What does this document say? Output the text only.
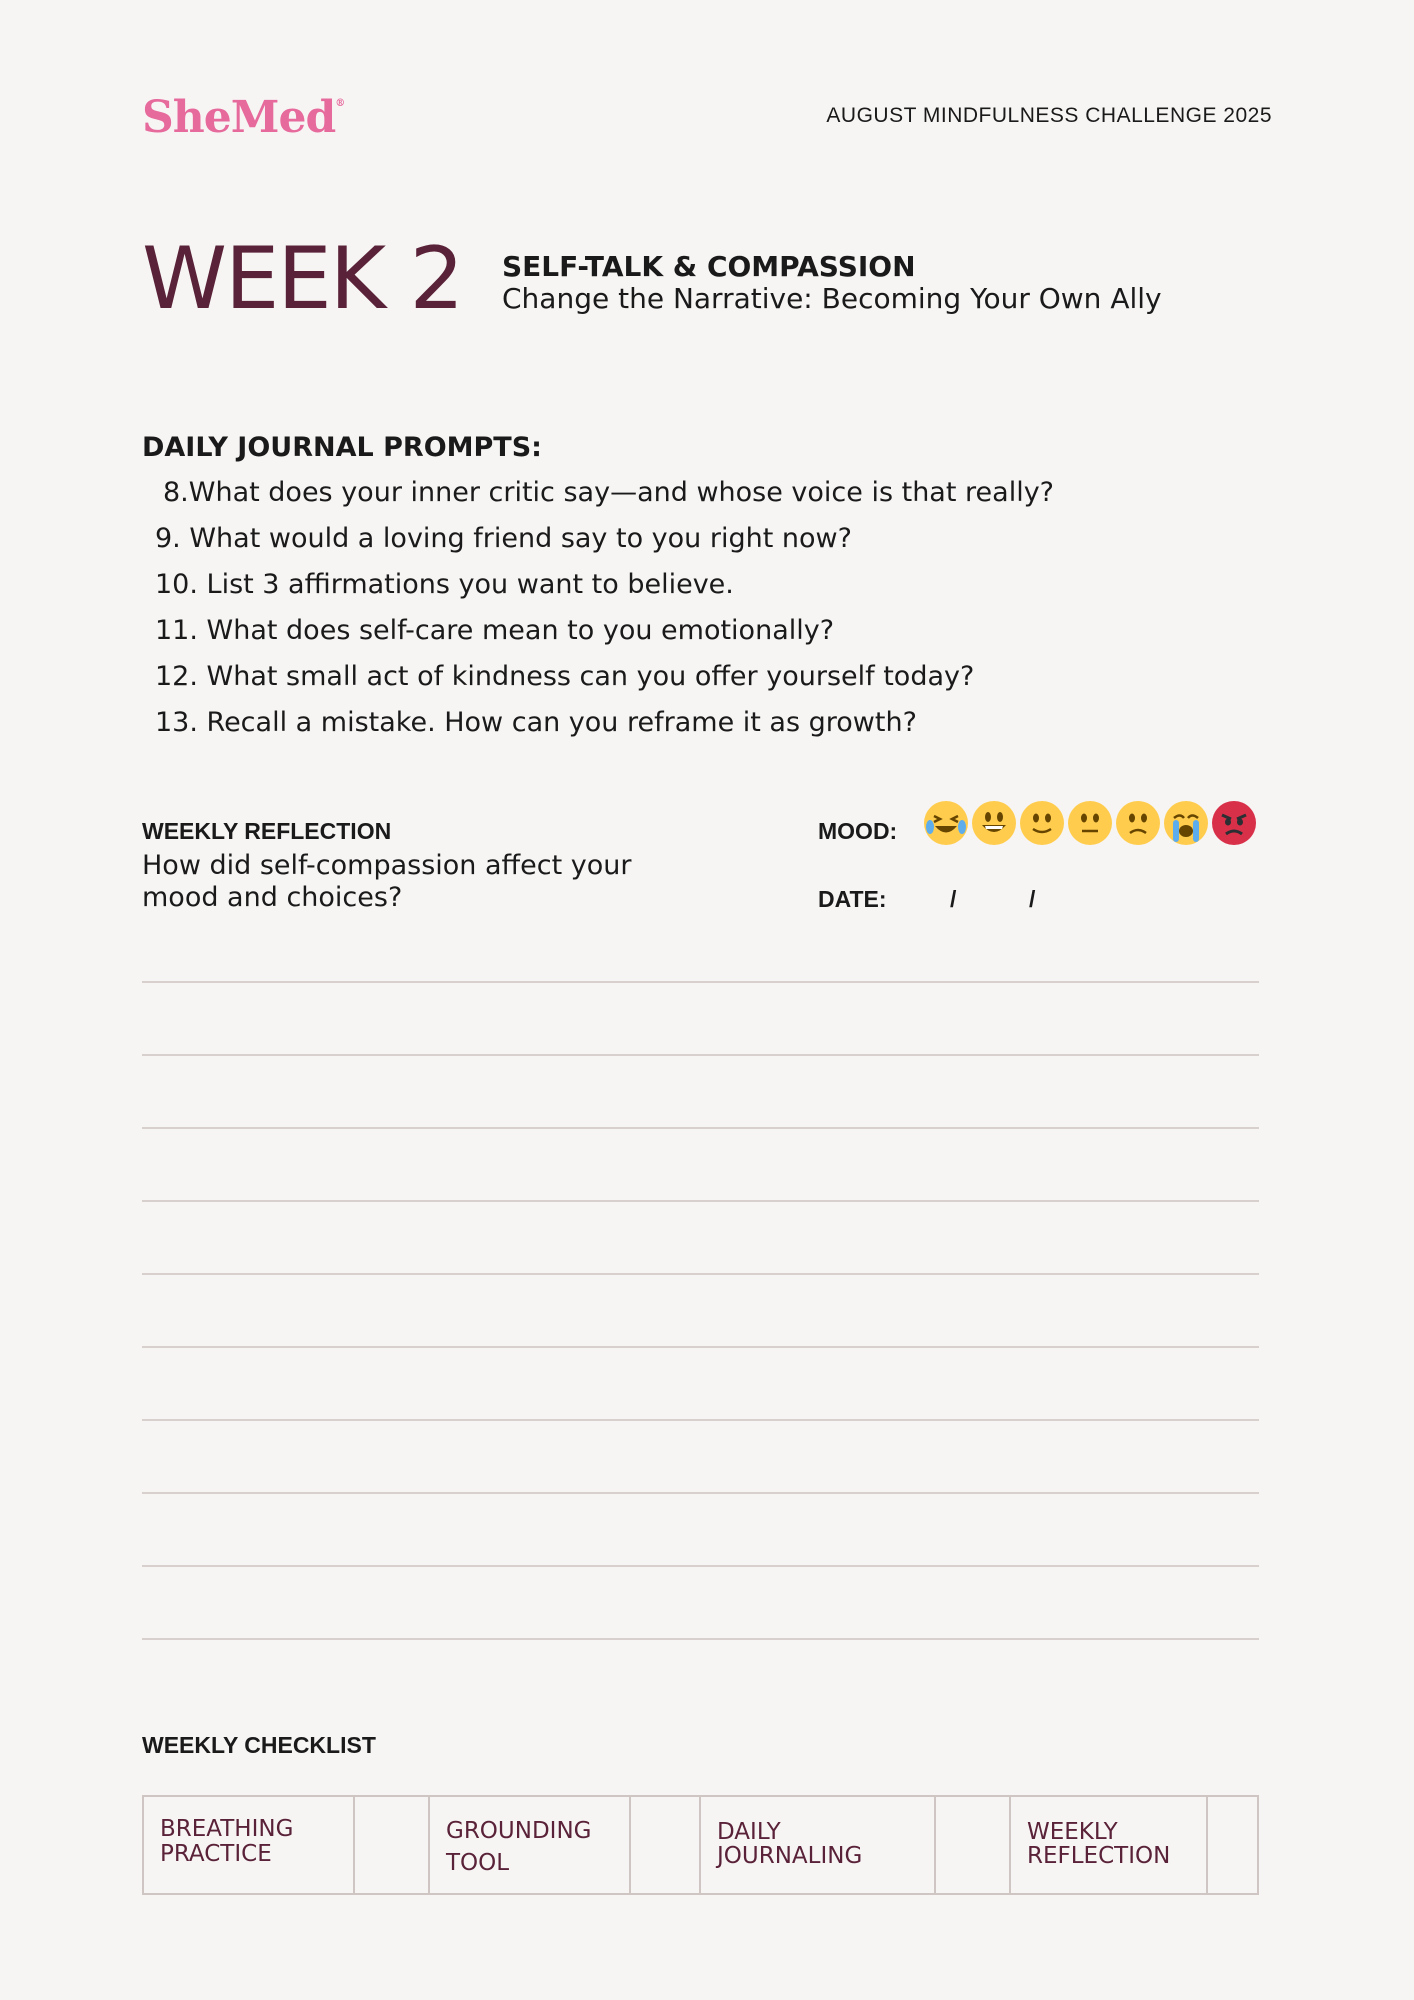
SheMed®
AUGUST MINDFULNESS CHALLENGE 2025
WEEK 2 SELF-TALK & COMPASSION
Change the Narrative: Becoming Your Own Ally
DAILY JOURNAL PROMPTS:
8.What does your inner critic say—and whose voice is that really?
9. What would a loving friend say to you right now?
10. List 3 affirmations you want to believe.
11. What does self-care mean to you emotionally?
12. What small act of kindness can you offer yourself today?
13. Recall a mistake. How can you reframe it as growth?
WEEKLY REFLECTION
How did self-compassion affect your mood and choices?
MOOD:
DATE:	/	/
WEEKLY CHECKLIST
BREATHING PRACTICE
GROUNDING TOOL
DAILY JOURNALING
WEEKLY REFLECTION
